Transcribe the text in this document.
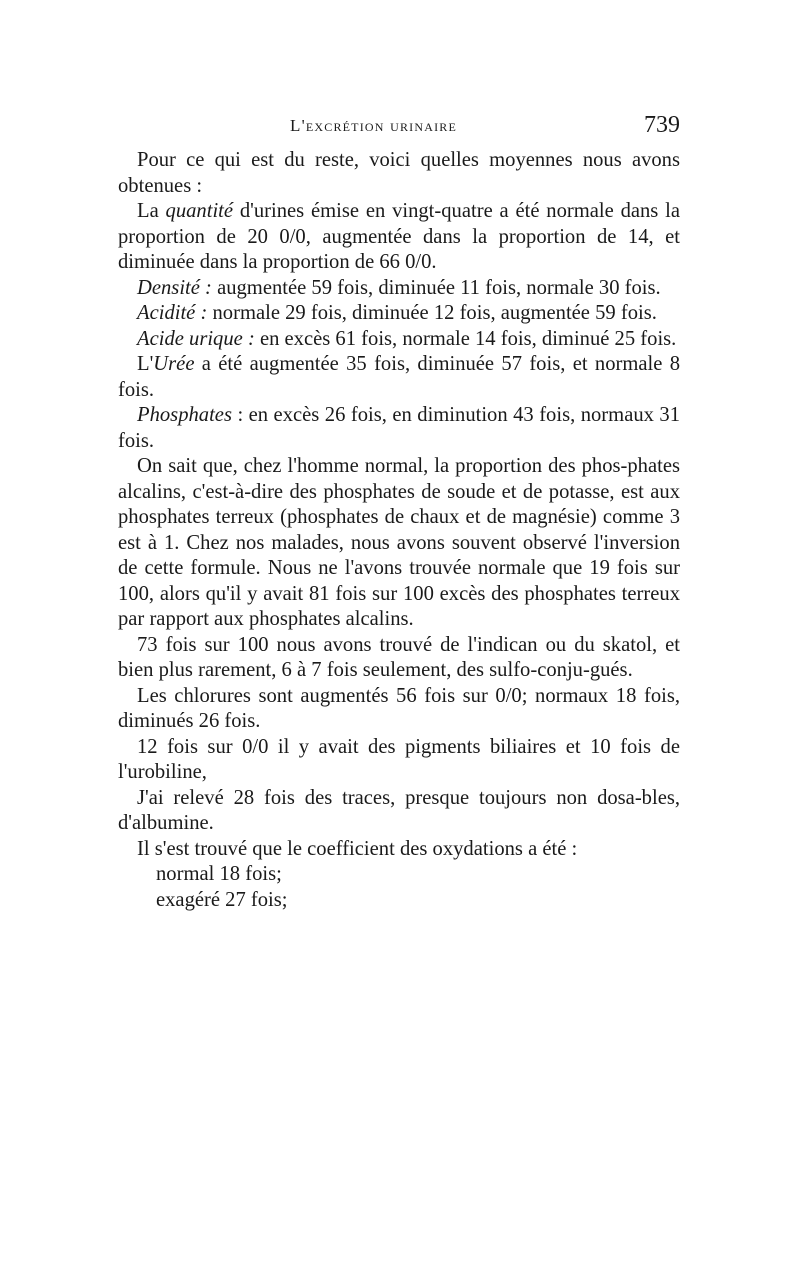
L'excrétion urinaire	739

Pour ce qui est du reste, voici quelles moyennes nous avons obtenues :

La quantité d'urines émise en vingt-quatre a été normale dans la proportion de 20 0/0, augmentée dans la proportion de 14, et diminuée dans la proportion de 66 0/0.

Densité : augmentée 59 fois, diminuée 11 fois, normale 30 fois.

Acidité : normale 29 fois, diminuée 12 fois, augmentée 59 fois.

Acide urique : en excès 61 fois, normale 14 fois, diminué 25 fois.

L'Urée a été augmentée 35 fois, diminuée 57 fois, et normale 8 fois.

Phosphates : en excès 26 fois, en diminution 43 fois, normaux 31 fois.

On sait que, chez l'homme normal, la proportion des phos-phates alcalins, c'est-à-dire des phosphates de soude et de potasse, est aux phosphates terreux (phosphates de chaux et de magnésie) comme 3 est à 1. Chez nos malades, nous avons souvent observé l'inversion de cette formule. Nous ne l'avons trouvée normale que 19 fois sur 100, alors qu'il y avait 81 fois sur 100 excès des phosphates terreux par rapport aux phosphates alcalins.

73 fois sur 100 nous avons trouvé de l'indican ou du skatol, et bien plus rarement, 6 à 7 fois seulement, des sulfo-conju-gués.

Les chlorures sont augmentés 56 fois sur 0/0; normaux 18 fois, diminués 26 fois.

12 fois sur 0/0 il y avait des pigments biliaires et 10 fois de l'urobiline,

J'ai relevé 28 fois des traces, presque toujours non dosa-bles, d'albumine.

Il s'est trouvé que le coefficient des oxydations a été :

normal 18 fois;

exagéré 27 fois;
